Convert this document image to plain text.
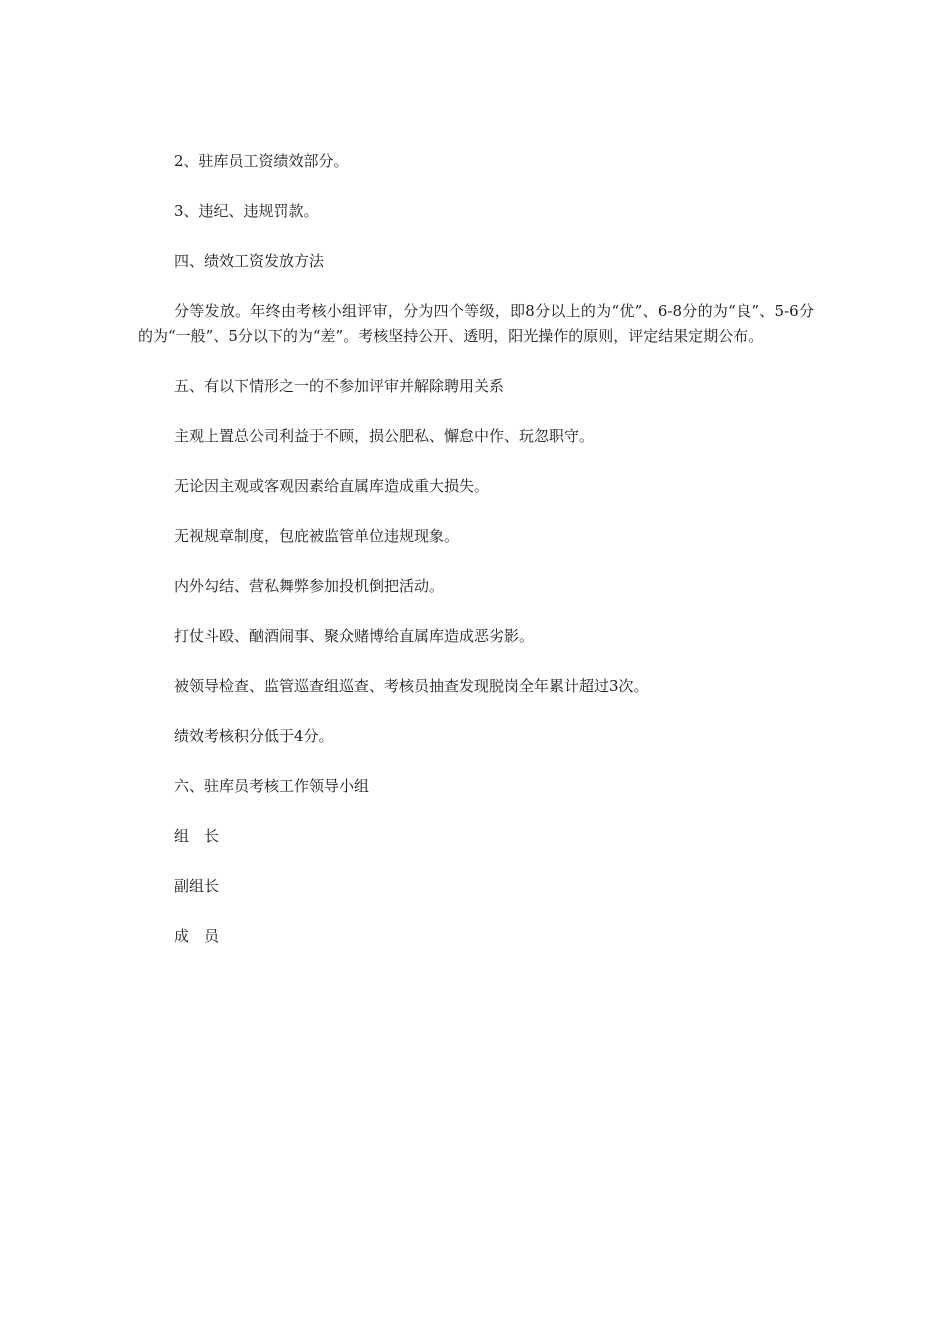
2、驻库员工资绩效部分。

3、违纪、违规罚款。

四、绩效工资发放方法

分等发放。年终由考核小组评审，分为四个等级，即8分以上的为“优”、6-8分的为“良”、5-6分的为“一般”、5分以下的为“差”。考核坚持公开、透明，阳光操作的原则，评定结果定期公布。

五、有以下情形之一的不参加评审并解除聘用关系

主观上置总公司利益于不顾，损公肥私、懈怠中作、玩忽职守。

无论因主观或客观因素给直属库造成重大损失。

无视规章制度，包庇被监管单位违规现象。

内外勾结、营私舞弊参加投机倒把活动。

打仗斗殴、酗酒闹事、聚众赌博给直属库造成恶劣影。

被领导检查、监管巡查组巡查、考核员抽查发现脱岗全年累计超过3次。

绩效考核积分低于4分。

六、驻库员考核工作领导小组

组　长

副组长

成　员
